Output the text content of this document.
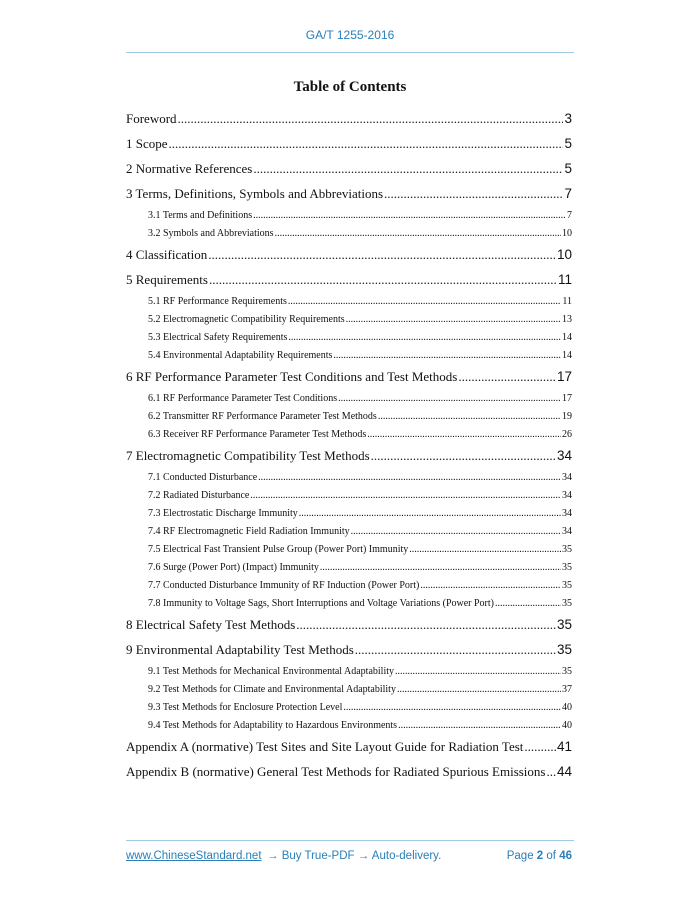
GA/T 1255-2016
Table of Contents
Foreword .....	3
1 Scope .....	5
2 Normative References .....	5
3 Terms, Definitions, Symbols and Abbreviations .....	7
3.1 Terms and Definitions .....	7
3.2 Symbols and Abbreviations .....	10
4 Classification .....	10
5 Requirements .....	11
5.1 RF Performance Requirements .....	11
5.2 Electromagnetic Compatibility Requirements .....	13
5.3 Electrical Safety Requirements .....	14
5.4 Environmental Adaptability Requirements .....	14
6 RF Performance Parameter Test Conditions and Test Methods .....	17
6.1 RF Performance Parameter Test Conditions .....	17
6.2 Transmitter RF Performance Parameter Test Methods .....	19
6.3 Receiver RF Performance Parameter Test Methods .....	26
7 Electromagnetic Compatibility Test Methods .....	34
7.1 Conducted Disturbance .....	34
7.2 Radiated Disturbance .....	34
7.3 Electrostatic Discharge Immunity .....	34
7.4 RF Electromagnetic Field Radiation Immunity .....	34
7.5 Electrical Fast Transient Pulse Group (Power Port) Immunity .....	35
7.6 Surge (Power Port) (Impact) Immunity .....	35
7.7 Conducted Disturbance Immunity of RF Induction (Power Port) .....	35
7.8 Immunity to Voltage Sags, Short Interruptions and Voltage Variations (Power Port) .....	35
8 Electrical Safety Test Methods .....	35
9 Environmental Adaptability Test Methods .....	35
9.1 Test Methods for Mechanical Environmental Adaptability .....	35
9.2 Test Methods for Climate and Environmental Adaptability .....	37
9.3 Test Methods for Enclosure Protection Level .....	40
9.4 Test Methods for Adaptability to Hazardous Environments .....	40
Appendix A (normative) Test Sites and Site Layout Guide for Radiation Test ..... 41
Appendix B (normative) General Test Methods for Radiated Spurious Emissions ..... 44
www.ChineseStandard.net → Buy True-PDF → Auto-delivery.	Page 2 of 46
